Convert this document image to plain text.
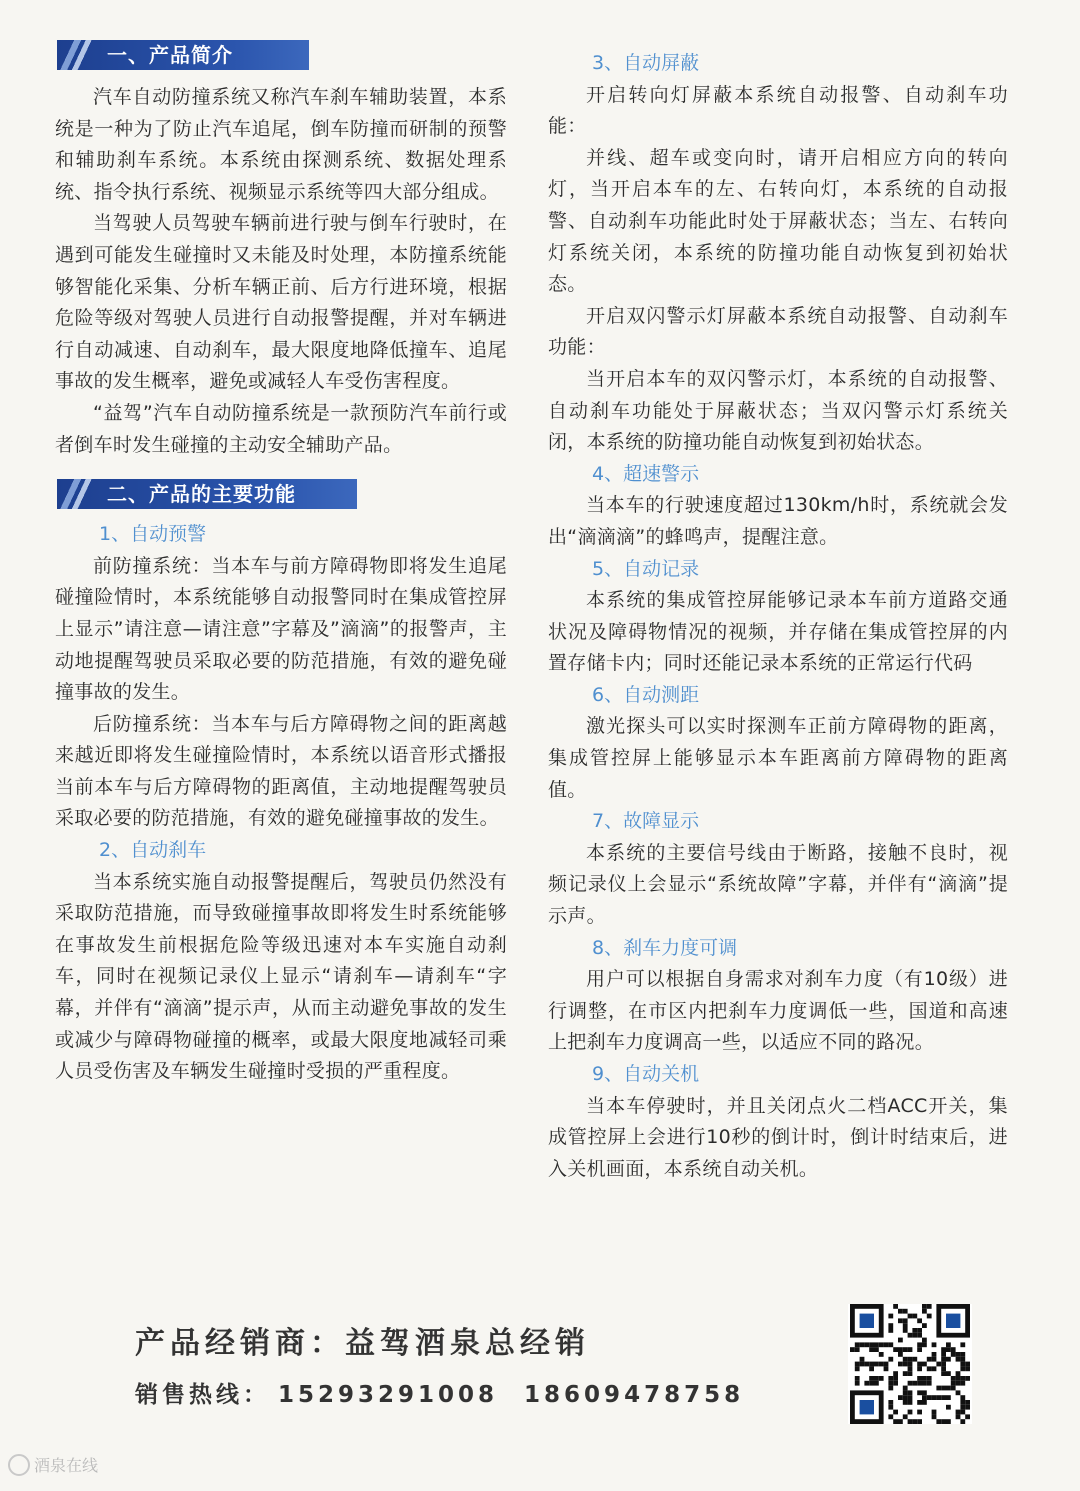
一、产品简介

汽车自动防撞系统又称汽车刹车辅助装置，本系统是一种为了防止汽车追尾，倒车防撞而研制的预警和辅助刹车系统。本系统由探测系统、数据处理系统、指令执行系统、视频显示系统等四大部分组成。

当驾驶人员驾驶车辆前进行驶与倒车行驶时，在遇到可能发生碰撞时又未能及时处理，本防撞系统能够智能化采集、分析车辆正前、后方行进环境，根据危险等级对驾驶人员进行自动报警提醒，并对车辆进行自动减速、自动刹车，最大限度地降低撞车、追尾事故的发生概率，避免或减轻人车受伤害程度。

“益驾”汽车自动防撞系统是一款预防汽车前行或者倒车时发生碰撞的主动安全辅助产品。

二、产品的主要功能

1、自动预警

前防撞系统：当本车与前方障碍物即将发生追尾碰撞险情时，本系统能够自动报警同时在集成管控屏上显示”请注意—请注意”字幕及”滴滴”的报警声，主动地提醒驾驶员采取必要的防范措施，有效的避免碰撞事故的发生。

后防撞系统：当本车与后方障碍物之间的距离越来越近即将发生碰撞险情时，本系统以语音形式播报当前本车与后方障碍物的距离值，主动地提醒驾驶员采取必要的防范措施，有效的避免碰撞事故的发生。

2、自动刹车

当本系统实施自动报警提醒后，驾驶员仍然没有采取防范措施，而导致碰撞事故即将发生时系统能够在事故发生前根据危险等级迅速对本车实施自动刹车，同时在视频记录仪上显示“请刹车—请刹车“字幕，并伴有“滴滴”提示声，从而主动避免事故的发生或减少与障碍物碰撞的概率，或最大限度地减轻司乘人员受伤害及车辆发生碰撞时受损的严重程度。

3、自动屏蔽

开启转向灯屏蔽本系统自动报警、自动刹车功能：

并线、超车或变向时，请开启相应方向的转向灯，当开启本车的左、右转向灯，本系统的自动报警、自动刹车功能此时处于屏蔽状态；当左、右转向灯系统关闭，本系统的防撞功能自动恢复到初始状态。

开启双闪警示灯屏蔽本系统自动报警、自动刹车功能：

当开启本车的双闪警示灯，本系统的自动报警、自动刹车功能处于屏蔽状态；当双闪警示灯系统关闭，本系统的防撞功能自动恢复到初始状态。

4、超速警示

当本车的行驶速度超过130km/h时，系统就会发出“滴滴滴”的蜂鸣声，提醒注意。

5、自动记录

本系统的集成管控屏能够记录本车前方道路交通状况及障碍物情况的视频，并存储在集成管控屏的内置存储卡内；同时还能记录本系统的正常运行代码

6、自动测距

激光探头可以实时探测车正前方障碍物的距离，集成管控屏上能够显示本车距离前方障碍物的距离值。

7、故障显示

本系统的主要信号线由于断路，接触不良时，视频记录仪上会显示“系统故障”字幕，并伴有“滴滴”提示声。

8、刹车力度可调

用户可以根据自身需求对刹车力度（有10级）进行调整，在市区内把刹车力度调低一些，国道和高速上把刹车力度调高一些，以适应不同的路况。

9、自动关机

当本车停驶时，并且关闭点火二档ACC开关，集成管控屏上会进行10秒的倒计时，倒计时结束后，进入关机画面，本系统自动关机。

产品经销商：益驾酒泉总经销
销售热线： 15293291008 18609478758
酒泉在线
